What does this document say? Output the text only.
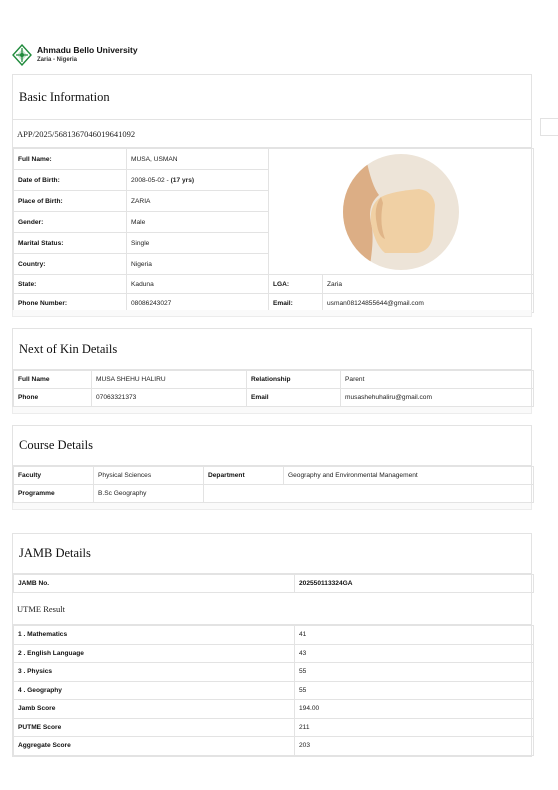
Ahmadu Bello University
Zaria - Nigeria
Basic Information
APP/2025/5681367046019641092
Full Name:	MUSA, USMAN	

Date of Birth:	2008-05-02 - (17 yrs)		
Place of Birth:	ZARIA		
Gender:	Male		
Marital Status:	Single		
Country:	Nigeria		
State:	Kaduna	LGA:	Zaria
Phone Number:	08086243027	Email:	usman08124855644@gmail.com
Next of Kin Details
Full Name	MUSA SHEHU HALIRU	Relationship	Parent
Phone	07063321373	Email	musashehuhaliru@gmail.com
Course Details
Faculty	Physical Sciences	Department	Geography and Environmental Management
Programme	B.Sc Geography		
JAMB Details
JAMB No.	202550113324GA
UTME Result
1 . Mathematics	41
2 . English Language	43
3 . Physics	55
4 . Geography	55
Jamb Score	194.00
PUTME Score	211
Aggregate Score	203
